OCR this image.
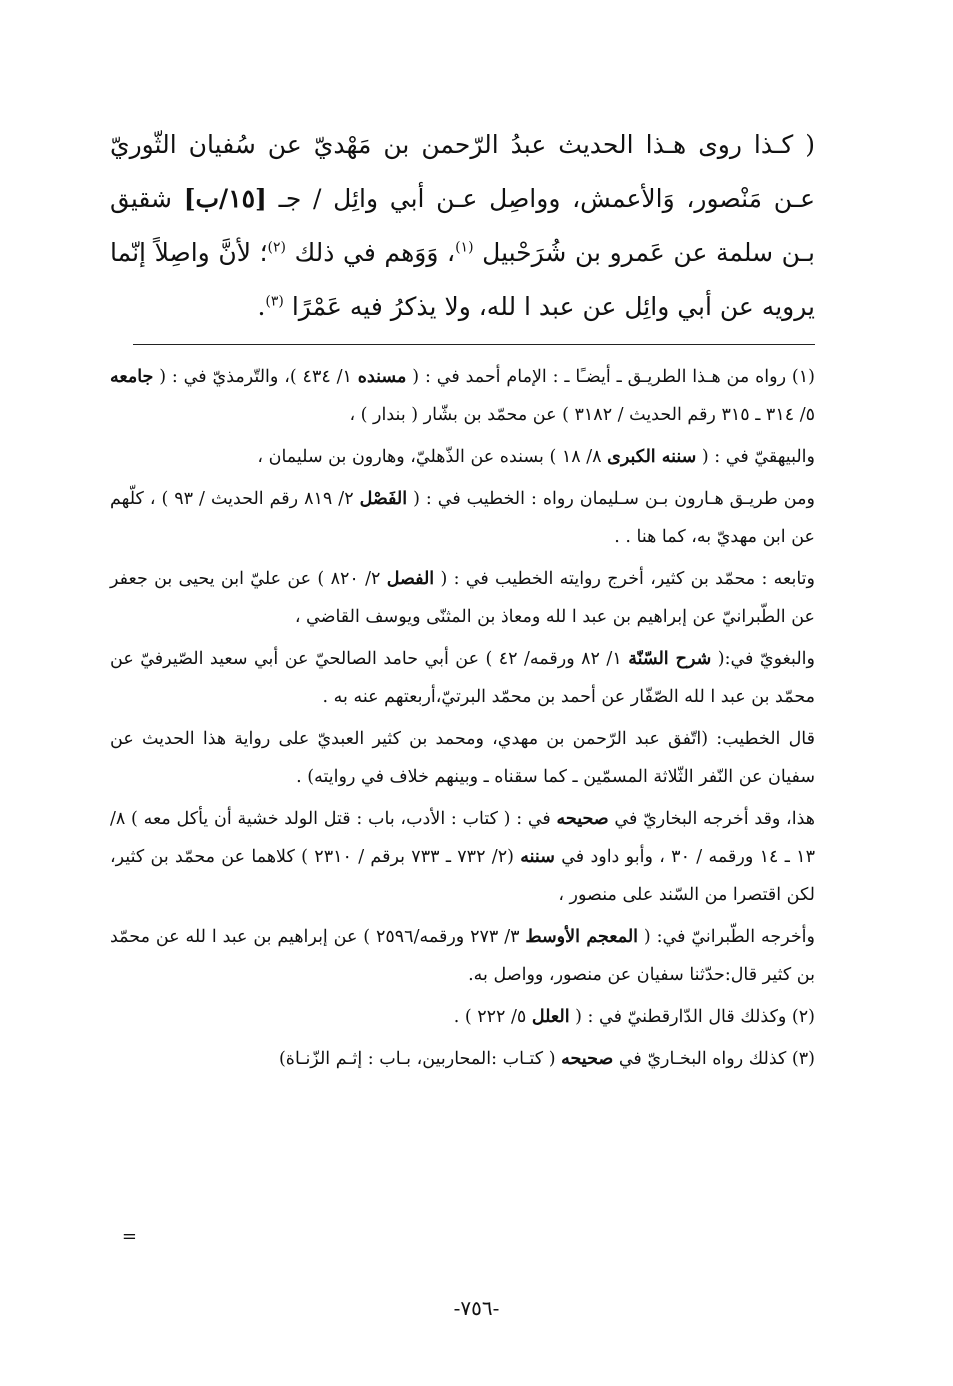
( كـذا روى هـذا الحديث عبدُ الرّحمن بن مَهْديّ عن سُفيان الثّوريّ عـن مَنْصور، وَالأعمش، وواصِل عـن أبي وائِل / جـ [١٥/ب] شقيق بـن سلمة عن عَمرو بن شُرَحْبيل $^{(١)}$، وَوَهم في ذلك $^{(٢)}$؛ لأنَّ واصِلاً إنّما يرويه عن أبي وائِل عن عبد ا لله، ولا يذكرُ فيه عَمْرًا $^{(٣)}$.

(١) رواه من هـذا الطريـق ـ أيضـًا ـ : الإمام أحمد في : ( مسنده ١/ ٤٣٤ )، والتّرمذيّ في : ( جامعه ٥/ ٣١٤ ـ ٣١٥ رقم الحديث / ٣١٨٢ ) عن محمّد بن بشّار ( بندار ) ،

والبيهقيّ في : ( سننه الكبرى ٨/ ١٨ ) بسنده عن الذّهليّ، وهارون بن سليمان ،

ومن طريـق هـارون بـن سـليمان رواه : الخطيب في : ( الفَصْل ٢/ ٨١٩ رقم الحديث / ٩٣ ) ، كلّهم عن ابن مهديّ به، كما هنا . .

وتابعه : محمّد بن كثير، أخرج روايته الخطيب في : ( الفصل ٢/ ٨٢٠ ) عن عليّ ابن يحيى بن جعفر عن الطّبرانيّ عن إبراهيم بن عبد ا لله ومعاذ بن المثنّى ويوسف القاضي ،

والبغويّ في:( شرح السّنّة ١/ ٨٢ ورقمه/ ٤٢ ) عن أبي حامد الصالحيّ عن أبي سعيد الصّيرفيّ عن محمّد بن عبد ا لله الصّفّار عن أحمد بن محمّد البرتيّ،أربعتهم عنه به .

قال الخطيب: (اتّفق عبد الرّحمن بن مهدي، ومحمد بن كثير العبديّ على رواية هذا الحديث عن سفيان عن النّفر الثّلاثة المسمّين ـ كما سقناه ـ وبينهم خلاف في روايته) .

هذا، وقد أخرجه البخاريّ في صحيحه في : ( كتاب : الأدب، باب : قتل الولد خشية أن يأكل معه ) ٨/ ١٣ ـ ١٤ ورقمه / ٣٠ ، وأبو داود في سننه (٢/ ٧٣٢ ـ ٧٣٣ برقم / ٢٣١٠ ) كلاهما عن محمّد بن كثير، لكن اقتصرا من السّند على منصور ،

وأخرجه الطّبرانيّ في: ( المعجم الأوسط ٣/ ٢٧٣ ورقمه/٢٥٩٦ ) عن إبراهيم بن عبد ا لله عن محمّد بن كثير قال:حدّثنا سفيان عن منصور، وواصل به.

(٢) وكذلك قال الدّارقطنيّ في : ( العلل ٥/ ٢٢٢ ) .

(٣) كذلك رواه البخـاريّ في صحيحه ( كتـاب :المحاربين، بـاب : إثـم الزّنـاة)

=
-٧٥٦-
